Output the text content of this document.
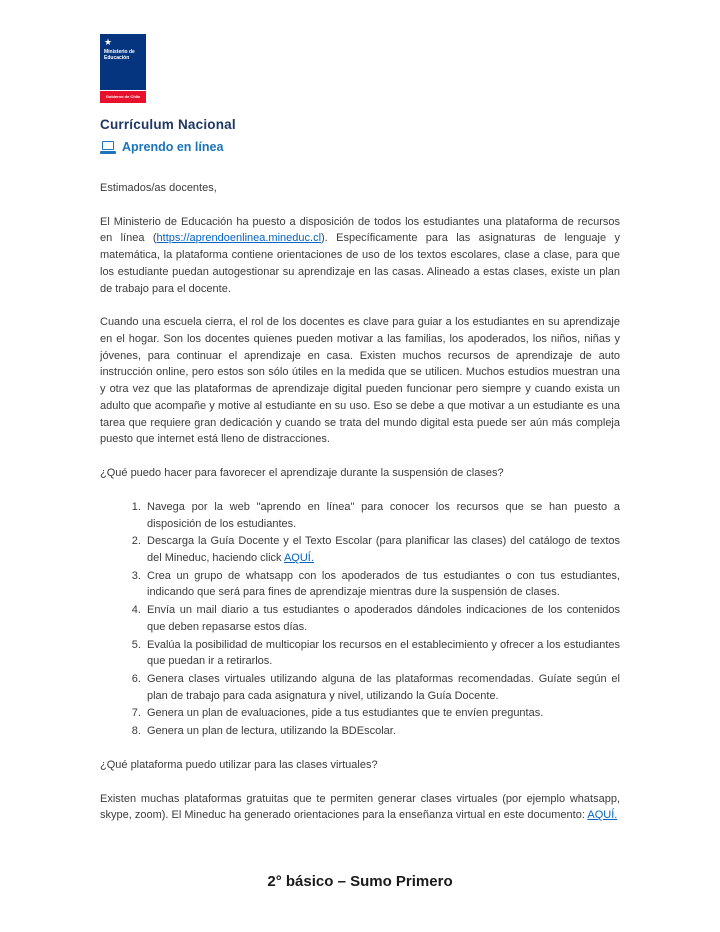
★
Ministerio de Educación
Gobierno de Chile
Currículum Nacional
Aprendo en línea

Estimados/as docentes,

El Ministerio de Educación ha puesto a disposición de todos los estudiantes una plataforma de recursos en línea (https://aprendoenlinea.mineduc.cl). Específicamente para las asignaturas de lenguaje y matemática, la plataforma contiene orientaciones de uso de los textos escolares, clase a clase, para que los estudiante puedan autogestionar su aprendizaje en las casas. Alineado a estas clases, existe un plan de trabajo para el docente.

Cuando una escuela cierra, el rol de los docentes es clave para guiar a los estudiantes en su aprendizaje en el hogar. Son los docentes quienes pueden motivar a las familias, los apoderados, los niños, niñas y jóvenes, para continuar el aprendizaje en casa. Existen muchos recursos de aprendizaje de auto instrucción online, pero estos son sólo útiles en la medida que se utilicen. Muchos estudios muestran una y otra vez que las plataformas de aprendizaje digital pueden funcionar pero siempre y cuando exista un adulto que acompañe y motive al estudiante en su uso. Eso se debe a que motivar a un estudiante es una tarea que requiere gran dedicación y cuando se trata del mundo digital esta puede ser aún más compleja puesto que internet está lleno de distracciones.

¿Qué puedo hacer para favorecer el aprendizaje durante la suspensión de clases?

1. Navega por la web "aprendo en línea" para conocer los recursos que se han puesto a disposición de los estudiantes.
2. Descarga la Guía Docente y el Texto Escolar (para planificar las clases) del catálogo de textos del Mineduc, haciendo click AQUÍ.
3. Crea un grupo de whatsapp con los apoderados de tus estudiantes o con tus estudiantes, indicando que será para fines de aprendizaje mientras dure la suspensión de clases.
4. Envía un mail diario a tus estudiantes o apoderados dándoles indicaciones de los contenidos que deben repasarse estos días.
5. Evalúa la posibilidad de multicopiar los recursos en el establecimiento y ofrecer a los estudiantes que puedan ir a retirarlos.
6. Genera clases virtuales utilizando alguna de las plataformas recomendadas. Guíate según el plan de trabajo para cada asignatura y nivel, utilizando la Guía Docente.
7. Genera un plan de evaluaciones, pide a tus estudiantes que te envíen preguntas.
8. Genera un plan de lectura, utilizando la BDEscolar.

¿Qué plataforma puedo utilizar para las clases virtuales?

Existen muchas plataformas gratuitas que te permiten generar clases virtuales (por ejemplo whatsapp, skype, zoom). El Mineduc ha generado orientaciones para la enseñanza virtual en este documento: AQUÍ.

2° básico – Sumo Primero
